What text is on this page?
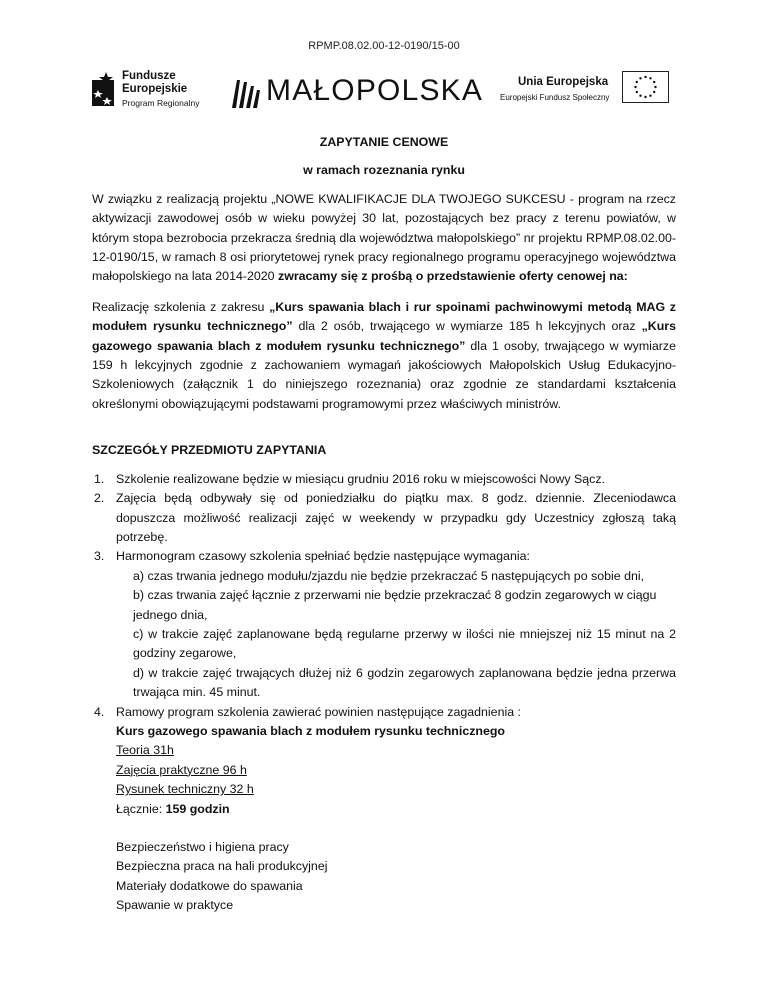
RPMP.08.02.00-12-0190/15-00
Fundusze
Europejskie
Program Regionalny MAŁOPOLSKA	Unia Europejska
Europejski Fundusz Społeczny

ZAPYTANIE CENOWE

w ramach rozeznania rynku

W związku z realizacją projektu „NOWE KWALIFIKACJE DLA TWOJEGO SUKCESU - program na rzecz aktywizacji zawodowej osób w wieku powyżej 30 lat, pozostających bez pracy z terenu powiatów, w którym stopa bezrobocia przekracza średnią dla województwa małopolskiego” nr projektu RPMP.08.02.00-12-0190/15, w ramach 8 osi priorytetowej rynek pracy regionalnego programu operacyjnego województwa małopolskiego na lata 2014-2020 zwracamy się z prośbą o przedstawienie oferty cenowej na:

Realizację szkolenia z zakresu „Kurs spawania blach i rur spoinami pachwinowymi metodą MAG z modułem rysunku technicznego” dla 2 osób, trwającego w wymiarze 185 h lekcyjnych oraz „Kurs gazowego spawania blach z modułem rysunku technicznego” dla 1 osoby, trwającego w wymiarze 159 h lekcyjnych zgodnie z zachowaniem wymagań jakościowych Małopolskich Usług Edukacyjno-Szkoleniowych (załącznik 1 do niniejszego rozeznania) oraz zgodnie ze standardami kształcenia określonymi obowiązującymi podstawami programowymi przez właściwych ministrów.

SZCZEGÓŁY PRZEDMIOTU ZAPYTANIA

1. Szkolenie realizowane będzie w miesiącu grudniu 2016 roku w miejscowości Nowy Sącz.
2. Zajęcia będą odbywały się od poniedziałku do piątku max. 8 godz. dziennie. Zleceniodawca dopuszcza możliwość realizacji zajęć w weekendy w przypadku gdy Uczestnicy zgłoszą taką potrzebę.
3. Harmonogram czasowy szkolenia spełniać będzie następujące wymagania:
a) czas trwania jednego modułu/zjazdu nie będzie przekraczać 5 następujących po sobie dni,
b) czas trwania zajęć łącznie z przerwami nie będzie przekraczać 8 godzin zegarowych w ciągu jednego dnia,
c) w trakcie zajęć zaplanowane będą regularne przerwy w ilości nie mniejszej niż 15 minut na 2 godziny zegarowe,
d) w trakcie zajęć trwających dłużej niż 6 godzin zegarowych zaplanowana będzie jedna przerwa trwająca min. 45 minut.
4. Ramowy program szkolenia zawierać powinien następujące zagadnienia :
Kurs gazowego spawania blach z modułem rysunku technicznego
Teoria 31h
Zajęcia praktyczne 96 h
Rysunek techniczny 32 h
Łącznie: 159 godzin
Bezpieczeństwo i higiena pracy
Bezpieczna praca na hali produkcyjnej
Materiały dodatkowe do spawania
Spawanie w praktyce
